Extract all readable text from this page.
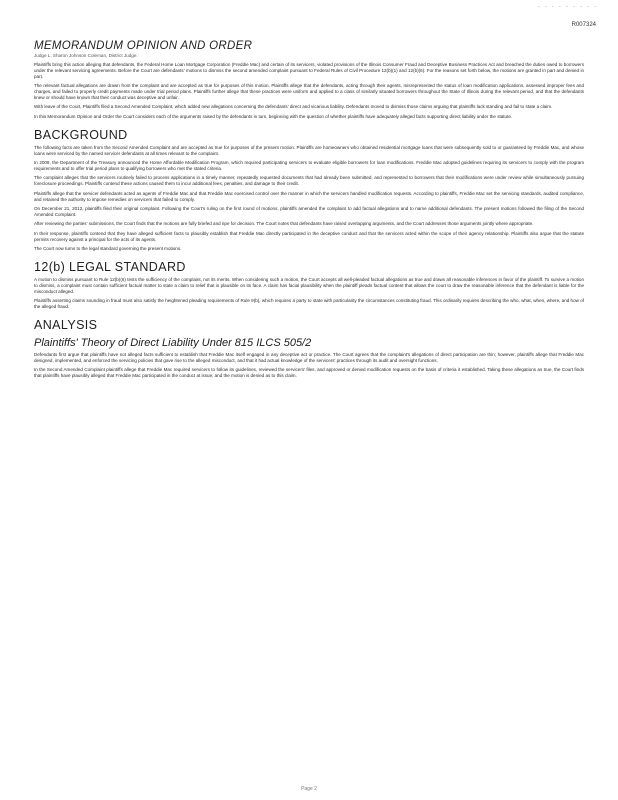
- - - - - - - - -
R007324
MEMORANDUM OPINION AND ORDER
Judge L. Sharon Johnson Coleman, District Judge.

Plaintiffs bring this action alleging that defendants, the Federal Home Loan Mortgage Corporation (Freddie Mac) and certain of its servicers, violated provisions of the Illinois Consumer Fraud and Deceptive Business Practices Act and breached the duties owed to borrowers under the relevant servicing agreements. Before the Court are defendants' motions to dismiss the second amended complaint pursuant to Federal Rules of Civil Procedure 12(b)(1) and 12(b)(6). For the reasons set forth below, the motions are granted in part and denied in part.

The relevant factual allegations are drawn from the complaint and are accepted as true for purposes of this motion. Plaintiffs allege that the defendants, acting through their agents, misrepresented the status of loan modification applications, assessed improper fees and charges, and failed to properly credit payments made under trial period plans. Plaintiffs further allege that these practices were uniform and applied to a class of similarly situated borrowers throughout the State of Illinois during the relevant period, and that the defendants knew or should have known that their conduct was deceptive and unfair.

With leave of the Court, Plaintiffs filed a Second Amended Complaint, which added new allegations concerning the defendants' direct and vicarious liability. Defendants moved to dismiss those claims arguing that plaintiffs lack standing and fail to state a claim.

In this Memorandum Opinion and Order the Court considers each of the arguments raised by the defendants in turn, beginning with the question of whether plaintiffs have adequately alleged facts supporting direct liability under the statute.

BACKGROUND

The following facts are taken from the Second Amended Complaint and are accepted as true for purposes of the present motion. Plaintiffs are homeowners who obtained residential mortgage loans that were subsequently sold to or guaranteed by Freddie Mac, and whose loans were serviced by the named servicer defendants at all times relevant to the complaint.

In 2009, the Department of the Treasury announced the Home Affordable Modification Program, which required participating servicers to evaluate eligible borrowers for loan modifications. Freddie Mac adopted guidelines requiring its servicers to comply with the program requirements and to offer trial period plans to qualifying borrowers who met the stated criteria.

The complaint alleges that the servicers routinely failed to process applications in a timely manner, repeatedly requested documents that had already been submitted, and represented to borrowers that their modifications were under review while simultaneously pursuing foreclosure proceedings. Plaintiffs contend these actions caused them to incur additional fees, penalties, and damage to their credit.

Plaintiffs allege that the servicer defendants acted as agents of Freddie Mac and that Freddie Mac exercised control over the manner in which the servicers handled modification requests. According to plaintiffs, Freddie Mac set the servicing standards, audited compliance, and retained the authority to impose remedies on servicers that failed to comply.

On December 21, 2012, plaintiffs filed their original complaint. Following the Court's ruling on the first round of motions, plaintiffs amended the complaint to add factual allegations and to name additional defendants. The present motions followed the filing of the Second Amended Complaint.

After reviewing the parties' submissions, the Court finds that the motions are fully briefed and ripe for decision. The Court notes that defendants have raised overlapping arguments, and the Court addresses those arguments jointly where appropriate.

In their response, plaintiffs contend that they have alleged sufficient facts to plausibly establish that Freddie Mac directly participated in the deceptive conduct and that the servicers acted within the scope of their agency relationship. Plaintiffs also argue that the statute permits recovery against a principal for the acts of its agents.

The Court now turns to the legal standard governing the present motions.

12(b) LEGAL STANDARD

A motion to dismiss pursuant to Rule 12(b)(6) tests the sufficiency of the complaint, not its merits. When considering such a motion, the Court accepts all well-pleaded factual allegations as true and draws all reasonable inferences in favor of the plaintiff. To survive a motion to dismiss, a complaint must contain sufficient factual matter to state a claim to relief that is plausible on its face. A claim has facial plausibility when the plaintiff pleads factual content that allows the court to draw the reasonable inference that the defendant is liable for the misconduct alleged.

Plaintiffs asserting claims sounding in fraud must also satisfy the heightened pleading requirements of Rule 9(b), which requires a party to state with particularity the circumstances constituting fraud. This ordinarily requires describing the who, what, when, where, and how of the alleged fraud.

ANALYSIS
Plaintiffs' Theory of Direct Liability Under 815 ILCS 505/2

Defendants first argue that plaintiffs have not alleged facts sufficient to establish that Freddie Mac itself engaged in any deceptive act or practice. The Court agrees that the complaint's allegations of direct participation are thin; however, plaintiffs allege that Freddie Mac designed, implemented, and enforced the servicing policies that gave rise to the alleged misconduct, and that it had actual knowledge of the servicers' practices through its audit and oversight functions.

In the Second Amended Complaint plaintiffs allege that Freddie Mac required servicers to follow its guidelines, reviewed the servicers' files, and approved or denied modification requests on the basis of criteria it established. Taking these allegations as true, the Court finds that plaintiffs have plausibly alleged that Freddie Mac participated in the conduct at issue, and the motion is denied as to this claim.

Page 2
